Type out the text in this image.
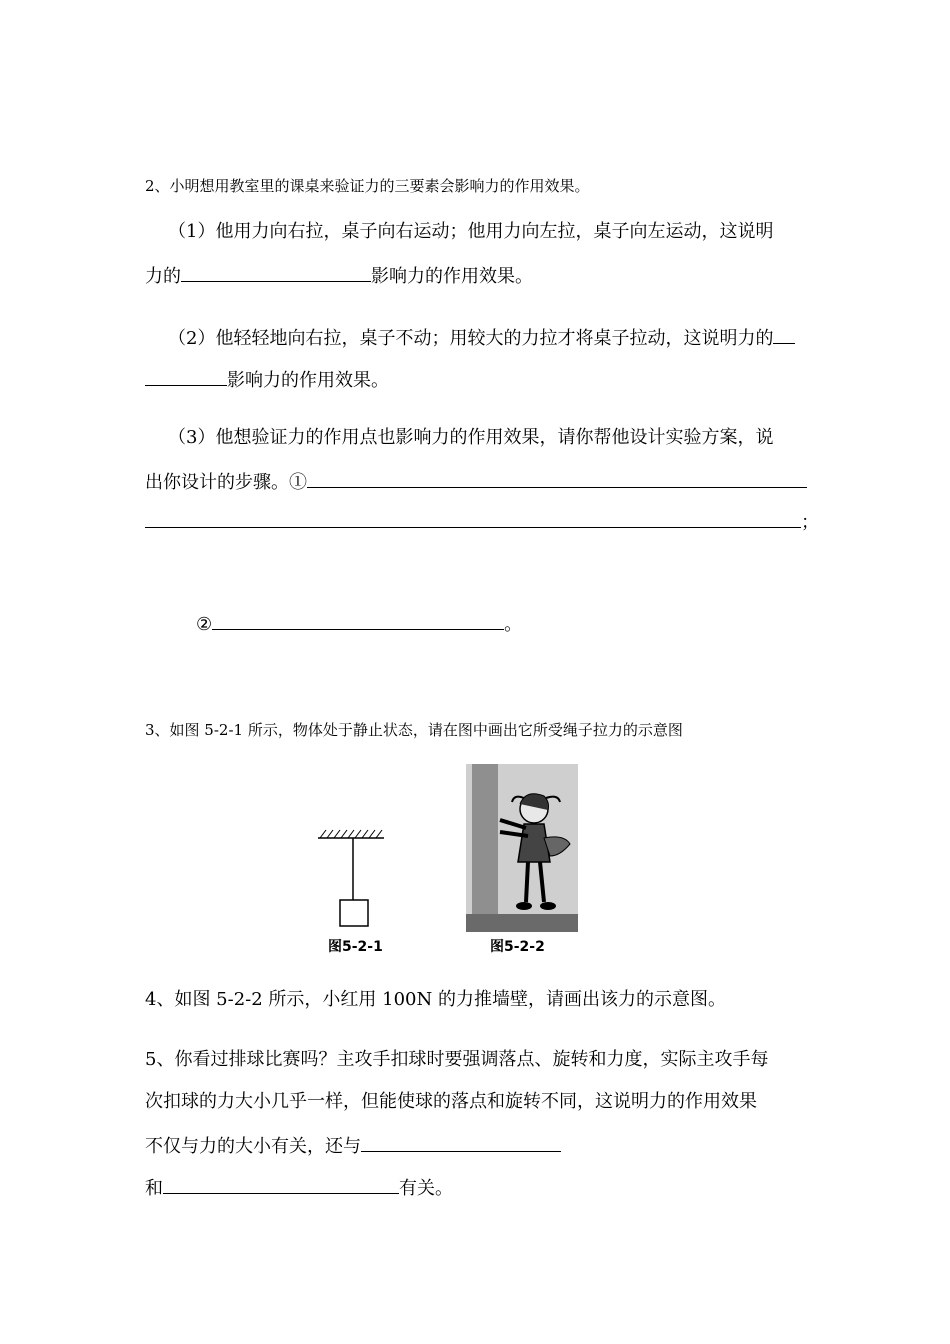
2、小明想用教室里的课桌来验证力的三要素会影响力的作用效果。
（1）他用力向右拉，桌子向右运动；他用力向左拉，桌子向左运动，这说明
力的	影响力的作用效果。
（2）他轻轻地向右拉，桌子不动；用较大的力拉才将桌子拉动，这说明力的
影响力的作用效果。
（3）他想验证力的作用点也影响力的作用效果，请你帮他设计实验方案，说
出你设计的步骤。①
；
②	。
3、如图 5-2-1 所示，物体处于静止状态，请在图中画出它所受绳子拉力的示意图
图5-2-1	图5-2-2
4、如图 5-2-2 所示，小红用 100N 的力推墙壁，请画出该力的示意图。
5、你看过排球比赛吗？主攻手扣球时要强调落点、旋转和力度，实际主攻手每
次扣球的力大小几乎一样，但能使球的落点和旋转不同，这说明力的作用效果
不仅与力的大小有关，还与
和	有关。
